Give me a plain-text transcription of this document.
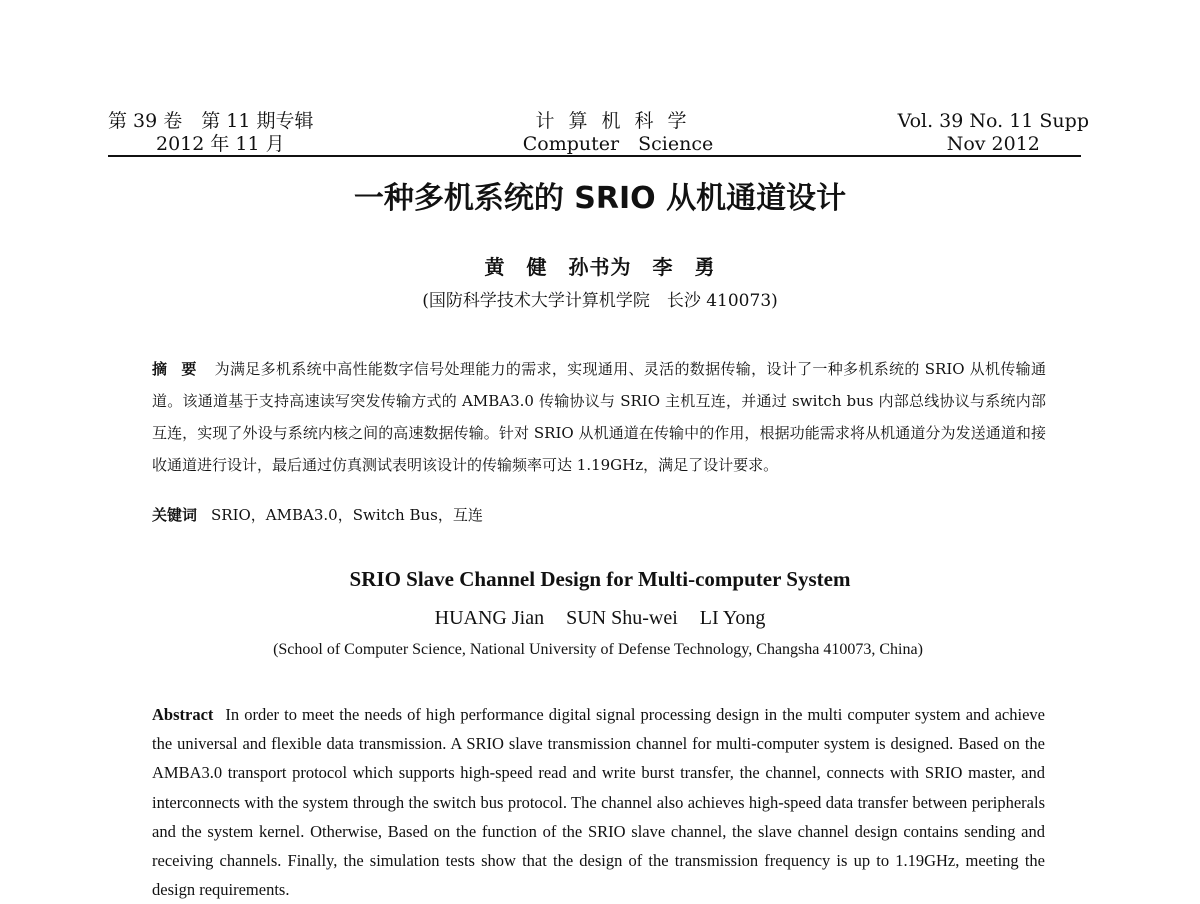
第 39 卷　第 11 期专辑
2012 年 11 月
计算机科学
Computer　Science
Vol. 39 No. 11 Supp
Nov 2012
一种多机系统的 SRIO 从机通道设计
黄　健　孙书为　李　勇
(国防科学技术大学计算机学院　长沙 410073)
摘要 为满足多机系统中高性能数字信号处理能力的需求，实现通用、灵活的数据传输，设计了一种多机系统的 SRIO 从机传输通道。该通道基于支持高速读写突发传输方式的 AMBA3.0 传输协议与 SRIO 主机互连，并通过 switch bus 内部总线协议与系统内部互连，实现了外设与系统内核之间的高速数据传输。针对 SRIO 从机通道在传输中的作用，根据功能需求将从机通道分为发送通道和接收通道进行设计，最后通过仿真测试表明该设计的传输频率可达 1.19GHz，满足了设计要求。
关键词 SRIO，AMBA3.0，Switch Bus，互连
SRIO Slave Channel Design for Multi-computer System
HUANG Jian SUN Shu-wei LI Yong
(School of Computer Science, National University of Defense Technology, Changsha 410073, China)
Abstract In order to meet the needs of high performance digital signal processing design in the multi computer system and achieve the universal and flexible data transmission. A SRIO slave transmission channel for multi-computer system is designed. Based on the AMBA3.0 transport protocol which supports high-speed read and write burst transfer, the channel, connects with SRIO master, and interconnects with the system through the switch bus protocol. The channel also achieves high-speed data transfer between peripherals and the system kernel. Otherwise, Based on the function of the SRIO slave channel, the slave channel design contains sending and receiving channels. Finally, the simulation tests show that the design of the transmission frequency is up to 1.19GHz, meeting the design requirements.
